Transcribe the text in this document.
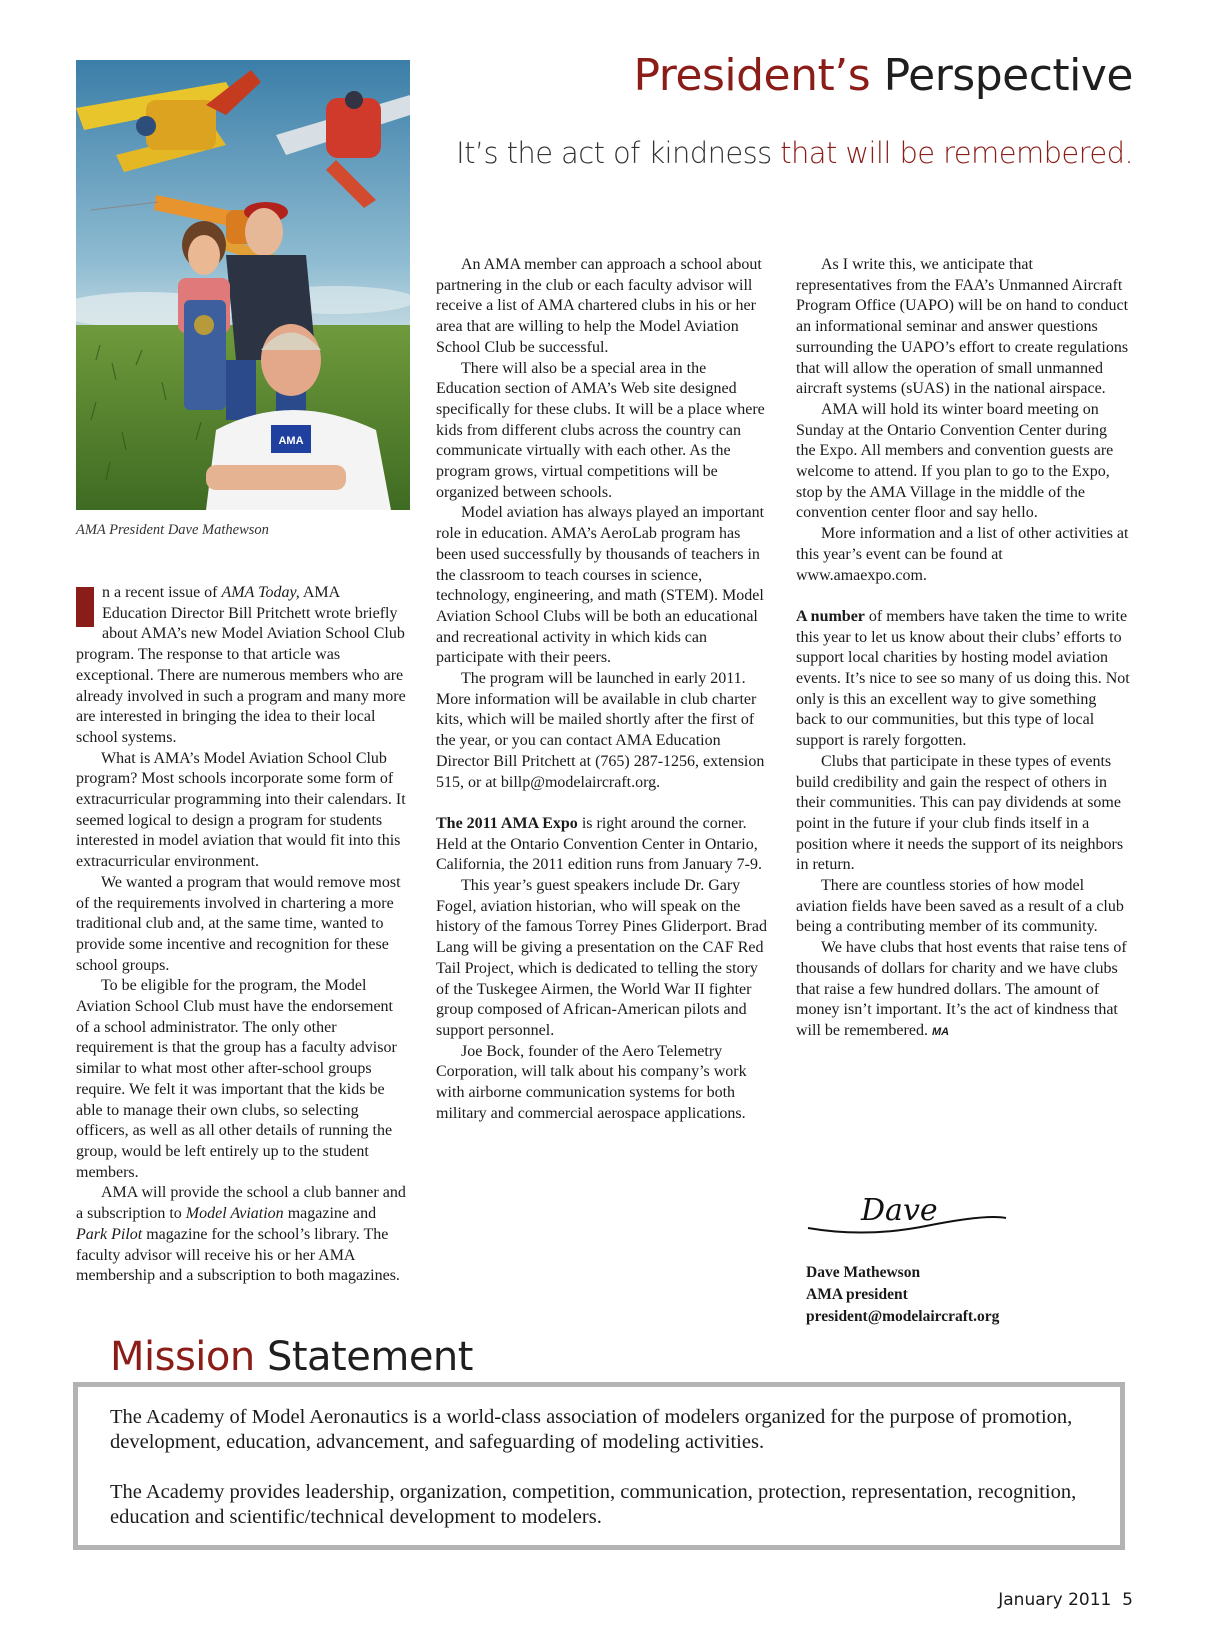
President’s Perspective
It’s the act of kindness that will be remembered.
AMA
AMA President Dave Mathewson

n a recent issue of AMA Today, AMA Education Director Bill Pritchett wrote briefly about AMA’s new Model Aviation School Club program. The response to that article was exceptional. There are numerous members who are already involved in such a program and many more are interested in bringing the idea to their local school systems.

What is AMA’s Model Aviation School Club program? Most schools incorporate some form of extracurricular programming into their calendars. It seemed logical to design a program for students interested in model aviation that would fit into this extracurricular environment.

We wanted a program that would remove most of the requirements involved in chartering a more traditional club and, at the same time, wanted to provide some incentive and recognition for these school groups.

To be eligible for the program, the Model Aviation School Club must have the endorsement of a school administrator. The only other requirement is that the group has a faculty advisor similar to what most other after-school groups require. We felt it was important that the kids be able to manage their own clubs, so selecting officers, as well as all other details of running the group, would be left entirely up to the student members.

AMA will provide the school a club banner and a subscription to Model Aviation magazine and Park Pilot magazine for the school’s library. The faculty advisor will receive his or her AMA membership and a subscription to both magazines.

An AMA member can approach a school about partnering in the club or each faculty advisor will receive a list of AMA chartered clubs in his or her area that are willing to help the Model Aviation School Club be successful.

There will also be a special area in the Education section of AMA’s Web site designed specifically for these clubs. It will be a place where kids from different clubs across the country can communicate virtually with each other. As the program grows, virtual competitions will be organized between schools.

Model aviation has always played an important role in education. AMA’s AeroLab program has been used successfully by thousands of teachers in the classroom to teach courses in science, technology, engineering, and math (STEM). Model Aviation School Clubs will be both an educational and recreational activity in which kids can participate with their peers.

The program will be launched in early 2011. More information will be available in club charter kits, which will be mailed shortly after the first of the year, or you can contact AMA Education Director Bill Pritchett at (765) 287-1256, extension 515, or at billp@modelaircraft.org.

The 2011 AMA Expo is right around the corner. Held at the Ontario Convention Center in Ontario, California, the 2011 edition runs from January 7-9.

This year’s guest speakers include Dr. Gary Fogel, aviation historian, who will speak on the history of the famous Torrey Pines Gliderport. Brad Lang will be giving a presentation on the CAF Red Tail Project, which is dedicated to telling the story of the Tuskegee Airmen, the World War II fighter group composed of African-American pilots and support personnel.

Joe Bock, founder of the Aero Telemetry Corporation, will talk about his company’s work with airborne communication systems for both military and commercial aerospace applications.

As I write this, we anticipate that representatives from the FAA’s Unmanned Aircraft Program Office (UAPO) will be on hand to conduct an informational seminar and answer questions surrounding the UAPO’s effort to create regulations that will allow the operation of small unmanned aircraft systems (sUAS) in the national airspace.

AMA will hold its winter board meeting on Sunday at the Ontario Convention Center during the Expo. All members and convention guests are welcome to attend. If you plan to go to the Expo, stop by the AMA Village in the middle of the convention center floor and say hello.

More information and a list of other activities at this year’s event can be found at www.amaexpo.com.

A number of members have taken the time to write this year to let us know about their clubs’ efforts to support local charities by hosting model aviation events. It’s nice to see so many of us doing this. Not only is this an excellent way to give something back to our communities, but this type of local support is rarely forgotten.

Clubs that participate in these types of events build credibility and gain the respect of others in their communities. This can pay dividends at some point in the future if your club finds itself in a position where it needs the support of its neighbors in return.

There are countless stories of how model aviation fields have been saved as a result of a club being a contributing member of its community.

We have clubs that host events that raise tens of thousands of dollars for charity and we have clubs that raise a few hundred dollars. The amount of money isn’t important. It’s the act of kindness that will be remembered. MA

Dave
Dave Mathewson
AMA president
president@modelaircraft.org
Mission Statement

The Academy of Model Aeronautics is a world-class association of modelers organized for the purpose of promotion, development, education, advancement, and safeguarding of modeling activities.

The Academy provides leadership, organization, competition, communication, protection, representation, recognition, education and scientific/technical development to modelers.

January 2011 5
